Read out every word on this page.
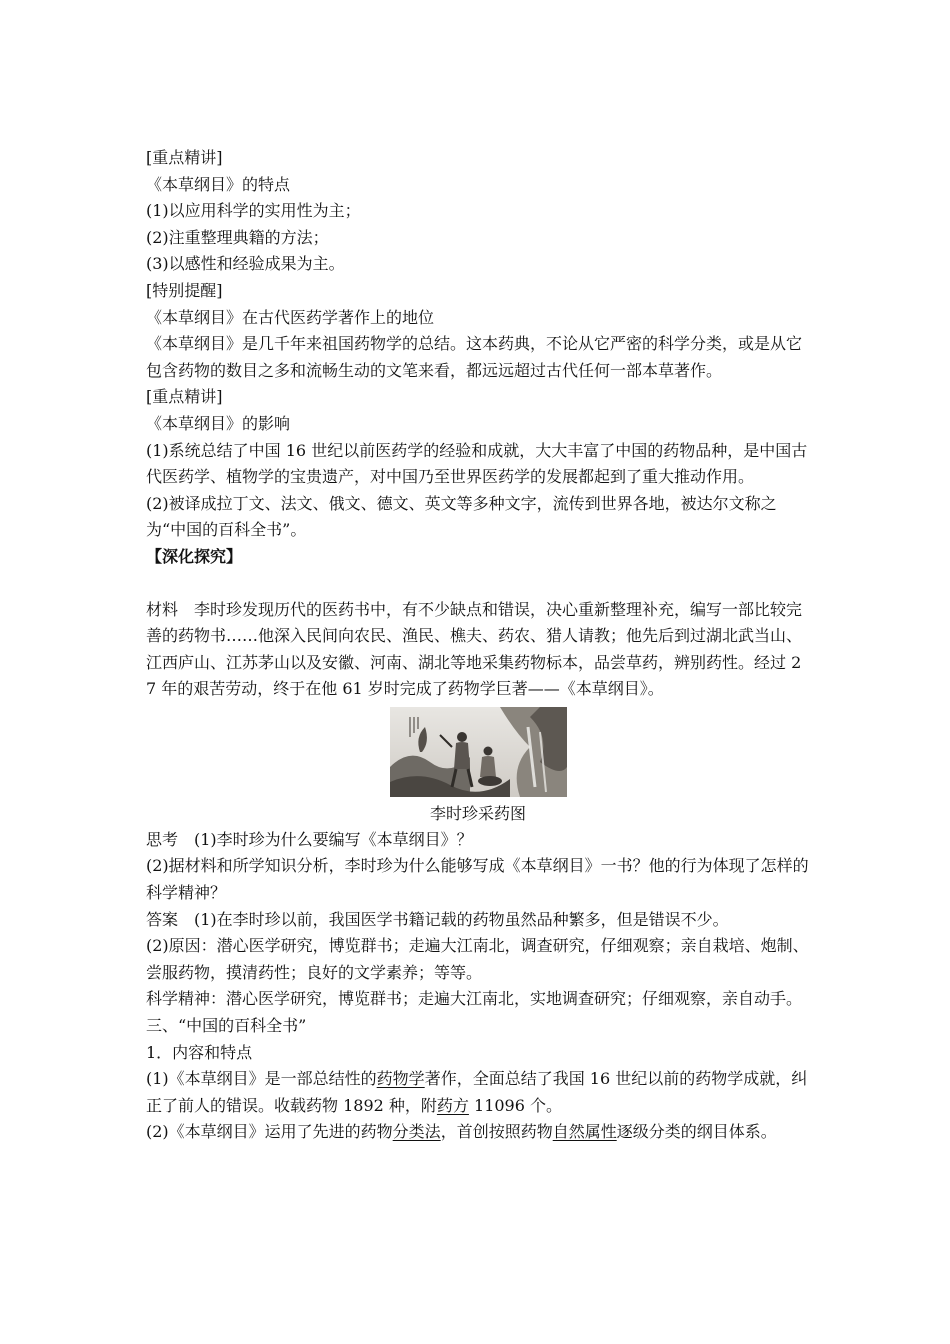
[重点精讲]

《本草纲目》的特点

(1)以应用科学的实用性为主；

(2)注重整理典籍的方法；

(3)以感性和经验成果为主。

[特别提醒]

《本草纲目》在古代医药学著作上的地位

《本草纲目》是几千年来祖国药物学的总结。这本药典，不论从它严密的科学分类，或是从它包含药物的数目之多和流畅生动的文笔来看，都远远超过古代任何一部本草著作。

[重点精讲]

《本草纲目》的影响

(1)系统总结了中国 16 世纪以前医药学的经验和成就，大大丰富了中国的药物品种，是中国古代医药学、植物学的宝贵遗产，对中国乃至世界医药学的发展都起到了重大推动作用。

(2)被译成拉丁文、法文、俄文、德文、英文等多种文字，流传到世界各地，被达尔文称之为“中国的百科全书”。

【深化探究】

材料　李时珍发现历代的医药书中，有不少缺点和错误，决心重新整理补充，编写一部比较完善的药物书……他深入民间向农民、渔民、樵夫、药农、猎人请教；他先后到过湖北武当山、江西庐山、江苏茅山以及安徽、河南、湖北等地采集药物标本，品尝草药，辨别药性。经过 27 年的艰苦劳动，终于在他 61 岁时完成了药物学巨著——《本草纲目》。

李时珍采药图

思考　(1)李时珍为什么要编写《本草纲目》？

(2)据材料和所学知识分析，李时珍为什么能够写成《本草纲目》一书？他的行为体现了怎样的科学精神？

答案　(1)在李时珍以前，我国医学书籍记载的药物虽然品种繁多，但是错误不少。

(2)原因：潜心医学研究，博览群书；走遍大江南北，调查研究，仔细观察；亲自栽培、炮制、尝服药物，摸清药性；良好的文学素养；等等。

科学精神：潜心医学研究，博览群书；走遍大江南北，实地调查研究；仔细观察，亲自动手。

三、“中国的百科全书”

1．内容和特点

(1)《本草纲目》是一部总结性的药物学著作，全面总结了我国 16 世纪以前的药物学成就，纠正了前人的错误。收载药物 1892 种，附药方 11096 个。

(2)《本草纲目》运用了先进的药物分类法，首创按照药物自然属性逐级分类的纲目体系。
